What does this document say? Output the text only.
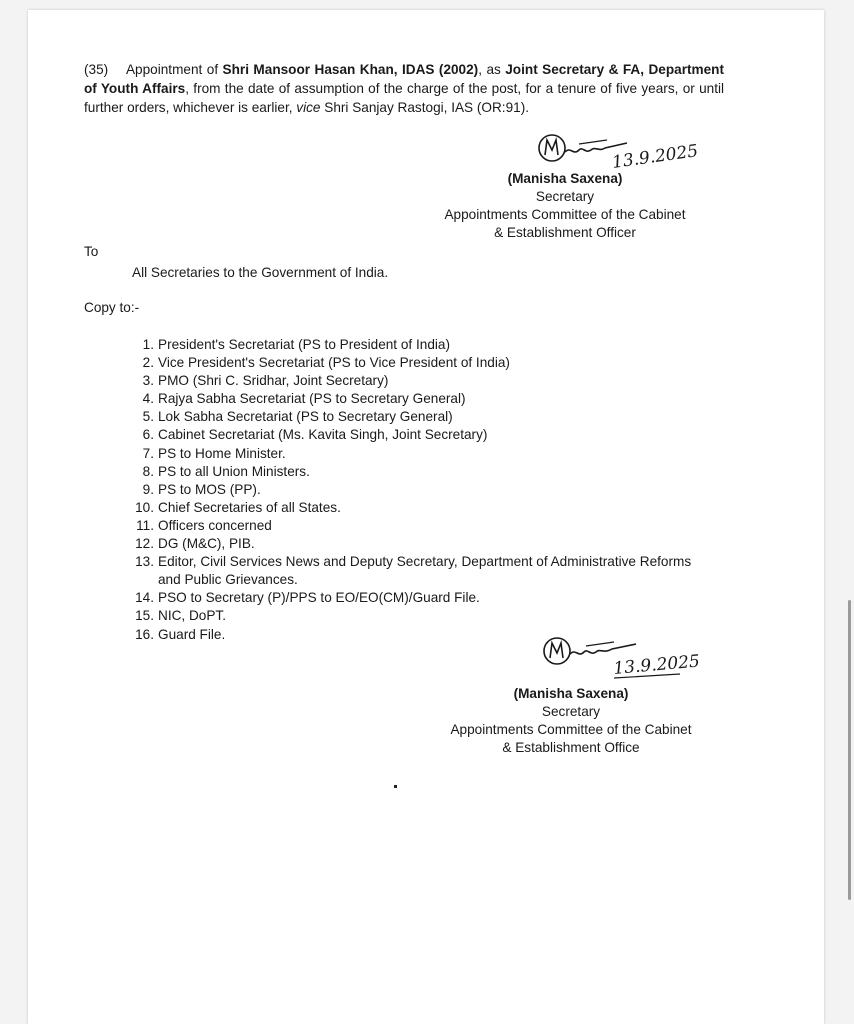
(35) Appointment of Shri Mansoor Hasan Khan, IDAS (2002), as Joint Secretary & FA, Department of Youth Affairs, from the date of assumption of the charge of the post, for a tenure of five years, or until further orders, whichever is earlier, vice Shri Sanjay Rastogi, IAS (OR:91).

13.9.2025
(Manisha Saxena)
Secretary
Appointments Committee of the Cabinet
& Establishment Officer
To
All Secretaries to the Government of India.
Copy to:-
1. President's Secretariat (PS to President of India)
2. Vice President's Secretariat (PS to Vice President of India)
3. PMO (Shri C. Sridhar, Joint Secretary)
4. Rajya Sabha Secretariat (PS to Secretary General)
5. Lok Sabha Secretariat (PS to Secretary General)
6. Cabinet Secretariat (Ms. Kavita Singh, Joint Secretary)
7. PS to Home Minister.
8. PS to all Union Ministers.
9. PS to MOS (PP).
10. Chief Secretaries of all States.
11. Officers concerned
12. DG (M&C), PIB.
13. Editor, Civil Services News and Deputy Secretary, Department of Administrative Reforms and Public Grievances.
14. PSO to Secretary (P)/PPS to EO/EO(CM)/Guard File.
15. NIC, DoPT.
16. Guard File.
13.9.2025
(Manisha Saxena)
Secretary
Appointments Committee of the Cabinet
& Establishment Office
